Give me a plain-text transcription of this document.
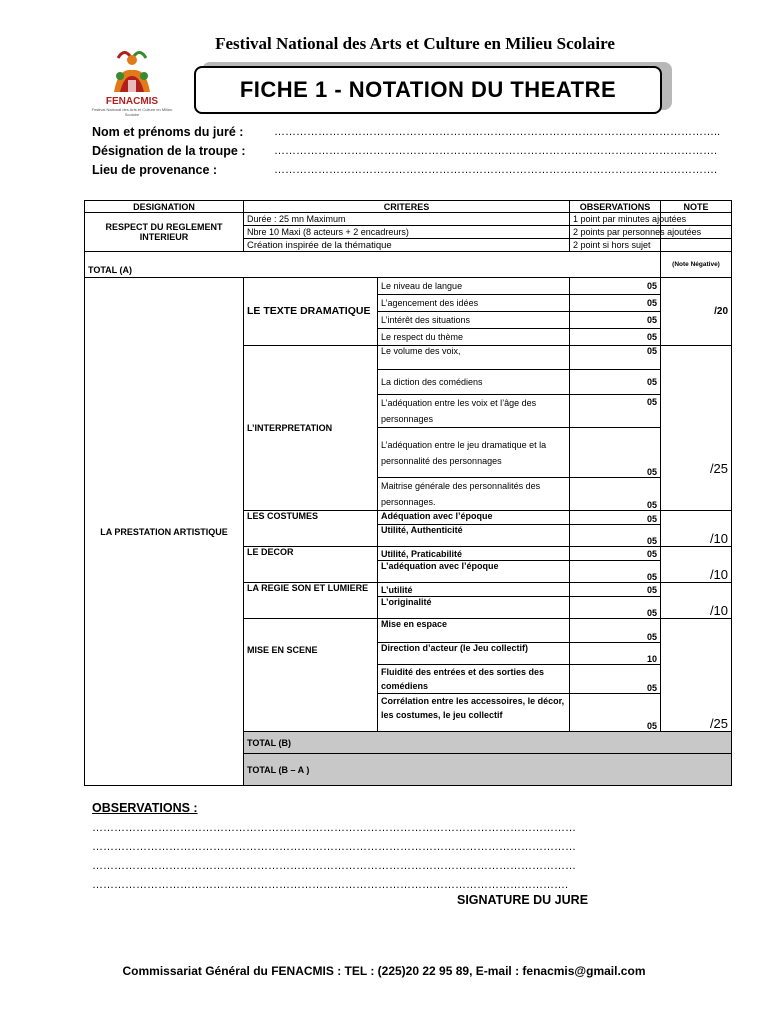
Festival National des Arts et Culture en Milieu Scolaire
FENACMIS
Festival National des Arts et Culture en Milieu Scolaire
FICHE 1 - NOTATION DU THEATRE
Nom et prénoms du juré :	…………………………………………………………………………………………………………..
Désignation de la troupe :	………………………………………………………………………………………………………….
Lieu de provenance :	………………………………………………………………………………………………………….
DESIGNATION	CRITERES		OBSERVATIONS	NOTE	
RESPECT DU REGLEMENT INTERIEUR	Durée : 25 mn Maximum		1 point par minutes ajoutées		
	Nbre 10 Maxi (8 acteurs + 2 encadreurs)		2 points par personnes ajoutées		
	Création inspirée de la thématique		2 point si hors sujet		
TOTAL (A)				(Note Négative)	
LA PRESTATION ARTISTIQUE	LE TEXTE DRAMATIQUE	Le niveau de langue	05	/20	
		L’agencement des idées	05		
		L’intérêt des situations	05		
		Le respect du thème	05		
	L’INTERPRETATION	Le volume des voix,	05	/25	
		La diction des comédiens	05		
		L’adéquation entre les voix et l’âge des personnages	05		
		L’adéquation entre le jeu dramatique et la personnalité des personnages	05		
		Maitrise générale des personnalités des personnages.	05		
	LES COSTUMES	Adéquation avec l’époque	05	/10	
		Utilité, Authenticité	05		
	LE DECOR	Utilité, Praticabilité	05	/10	
		L’adéquation avec l’époque	05		
	LA REGIE SON ET LUMIERE	L’utilité	05	/10	
		L’originalité	05		
	MISE EN SCENE	Mise en espace	05	/25	
		Direction d’acteur (le Jeu collectif)	10		
		Fluidité des entrées et des sorties des comédiens	05		
		Corrélation entre les accessoires, le décor, les costumes, le jeu collectif	05		
	TOTAL (B)				
	TOTAL (B – A )	
OBSERVATIONS :
……………………………………………………………………………………………………………………
……………………………………………………………………………………………………………………
……………………………………………………………………………………………………………………
………………………………………………………………………………………………………………….
SIGNATURE DU JURE
Commissariat Général du FENACMIS : TEL : (225)20 22 95 89, E-mail : fenacmis@gmail.com
